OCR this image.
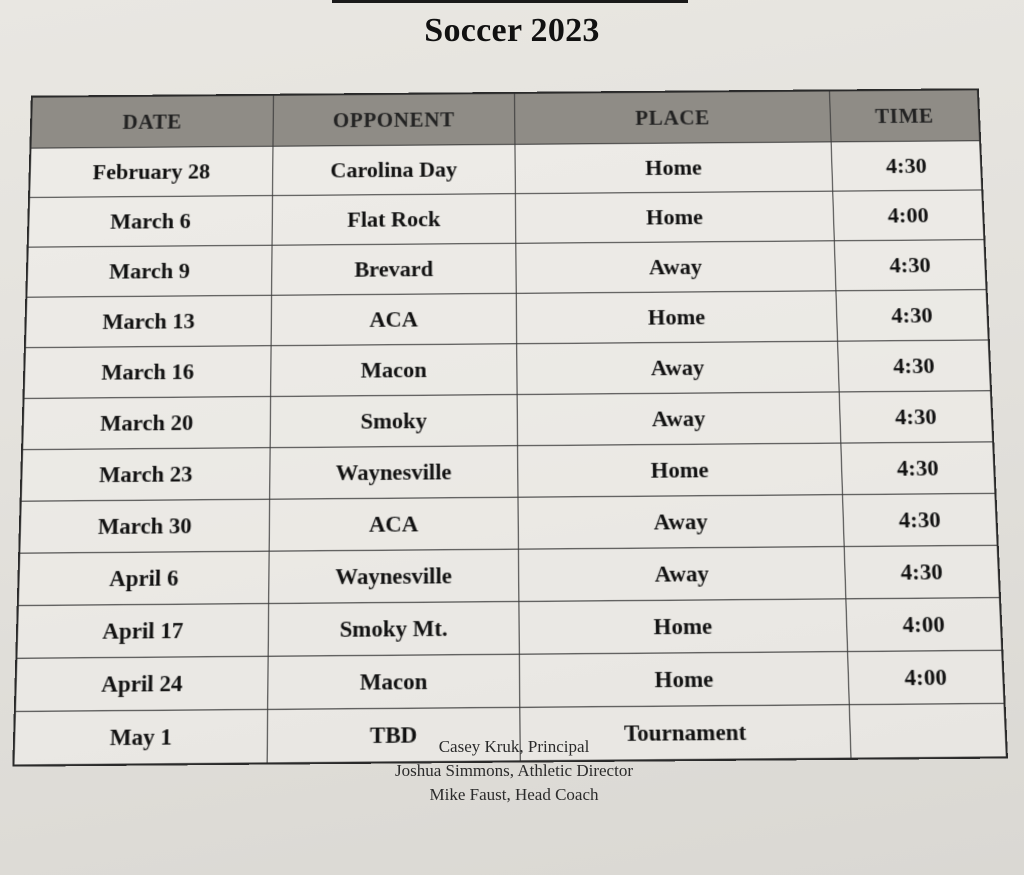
Soccer 2023
DATE	OPPONENT	PLACE	TIME
February 28	Carolina Day	Home	4:30
March 6	Flat Rock	Home	4:00
March 9	Brevard	Away	4:30
March 13	ACA	Home	4:30
March 16	Macon	Away	4:30
March 20	Smoky	Away	4:30
March 23	Waynesville	Home	4:30
March 30	ACA	Away	4:30
April 6	Waynesville	Away	4:30
April 17	Smoky Mt.	Home	4:00
April 24	Macon	Home	4:00
May 1	TBD	Tournament	
Casey Kruk, Principal
Joshua Simmons, Athletic Director
Mike Faust, Head Coach
